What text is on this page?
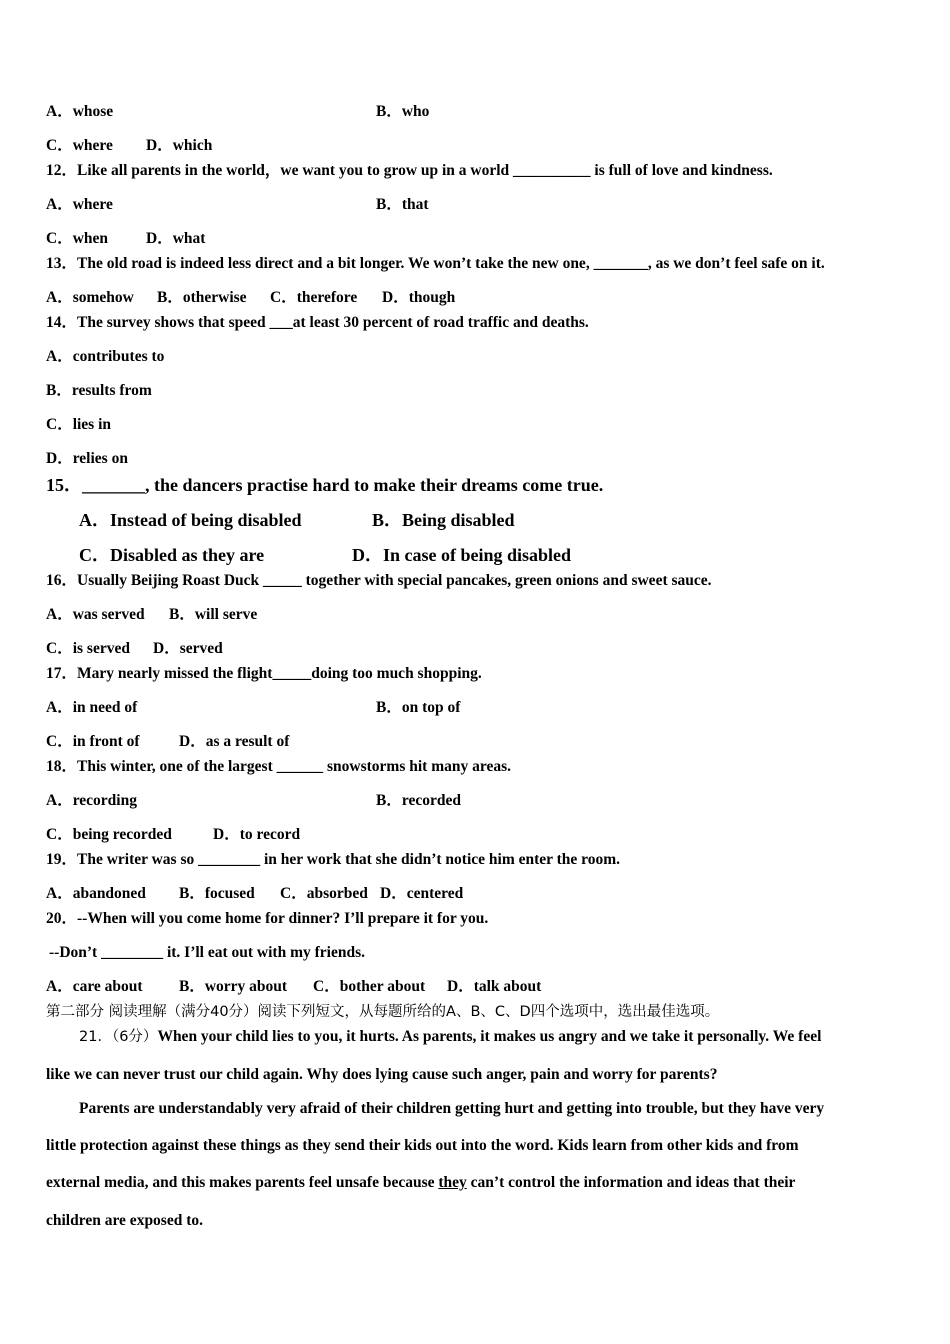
A．whose	B．who
C．where D．which
12．Like all parents in the world，we want you to grow up in a world __________ is full of love and kindness.
A．where	B．that
C．when D．what
13．The old road is indeed less direct and a bit longer. We won’t take the new one, _______, as we don’t feel safe on it.
A．somehow B．otherwise C．therefore D．though
14．The survey shows that speed ___at least 30 percent of road traffic and deaths.
A．contributes to
B．results from
C．lies in
D．relies on
15．_______, the dancers practise hard to make their dreams come true.
A．Instead of being disabled	B．Being disabled
C．Disabled as they are	D．In case of being disabled
16．Usually Beijing Roast Duck _____ together with special pancakes, green onions and sweet sauce.
A．was served B．will serve
C．is served D．served
17．Mary nearly missed the flight_____doing too much shopping.
A．in need of	B．on top of
C．in front of	D．as a result of
18．This winter, one of the largest ______ snowstorms hit many areas.
A．recording	B．recorded
C．being recorded	D．to record
19．The writer was so ________ in her work that she didn’t notice him enter the room.
A．abandoned B．focused C．absorbed D．centered
20．--When will you come home for dinner? I’ll prepare it for you.
--Don’t ________ it. I’ll eat out with my friends.
A．care about B．worry about C．bother about D．talk about
第二部分 阅读理解（满分40分）阅读下列短文，从每题所给的A、B、C、D四个选项中，选出最佳选项。
21．（6分）When your child lies to you, it hurts. As parents, it makes us angry and we take it personally. We feel
like we can never trust our child again. Why does lying cause such anger, pain and worry for parents?
Parents are understandably very afraid of their children getting hurt and getting into trouble, but they have very
little protection against these things as they send their kids out into the word. Kids learn from other kids and from
external media, and this makes parents feel unsafe because they can’t control the information and ideas that their
children are exposed to.
